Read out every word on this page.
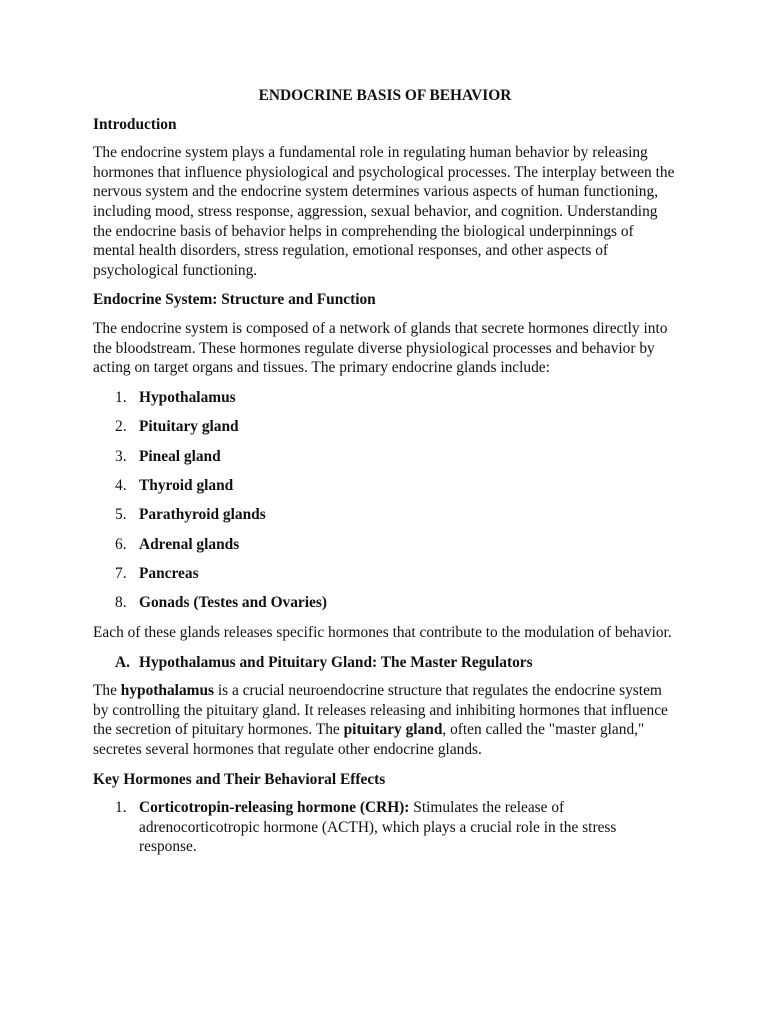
ENDOCRINE BASIS OF BEHAVIOR
Introduction

The endocrine system plays a fundamental role in regulating human behavior by releasing hormones that influence physiological and psychological processes. The interplay between the nervous system and the endocrine system determines various aspects of human functioning, including mood, stress response, aggression, sexual behavior, and cognition. Understanding the endocrine basis of behavior helps in comprehending the biological underpinnings of mental health disorders, stress regulation, emotional responses, and other aspects of psychological functioning.

Endocrine System: Structure and Function

The endocrine system is composed of a network of glands that secrete hormones directly into the bloodstream. These hormones regulate diverse physiological processes and behavior by acting on target organs and tissues. The primary endocrine glands include:

1. Hypothalamus
2. Pituitary gland
3. Pineal gland
4. Thyroid gland
5. Parathyroid glands
6. Adrenal glands
7. Pancreas
8. Gonads (Testes and Ovaries)

Each of these glands releases specific hormones that contribute to the modulation of behavior.

A. Hypothalamus and Pituitary Gland: The Master Regulators

The hypothalamus is a crucial neuroendocrine structure that regulates the endocrine system by controlling the pituitary gland. It releases releasing and inhibiting hormones that influence the secretion of pituitary hormones. The pituitary gland, often called the "master gland," secretes several hormones that regulate other endocrine glands.

Key Hormones and Their Behavioral Effects
1. Corticotropin-releasing hormone (CRH): Stimulates the release of adrenocorticotropic hormone (ACTH), which plays a crucial role in the stress response.
